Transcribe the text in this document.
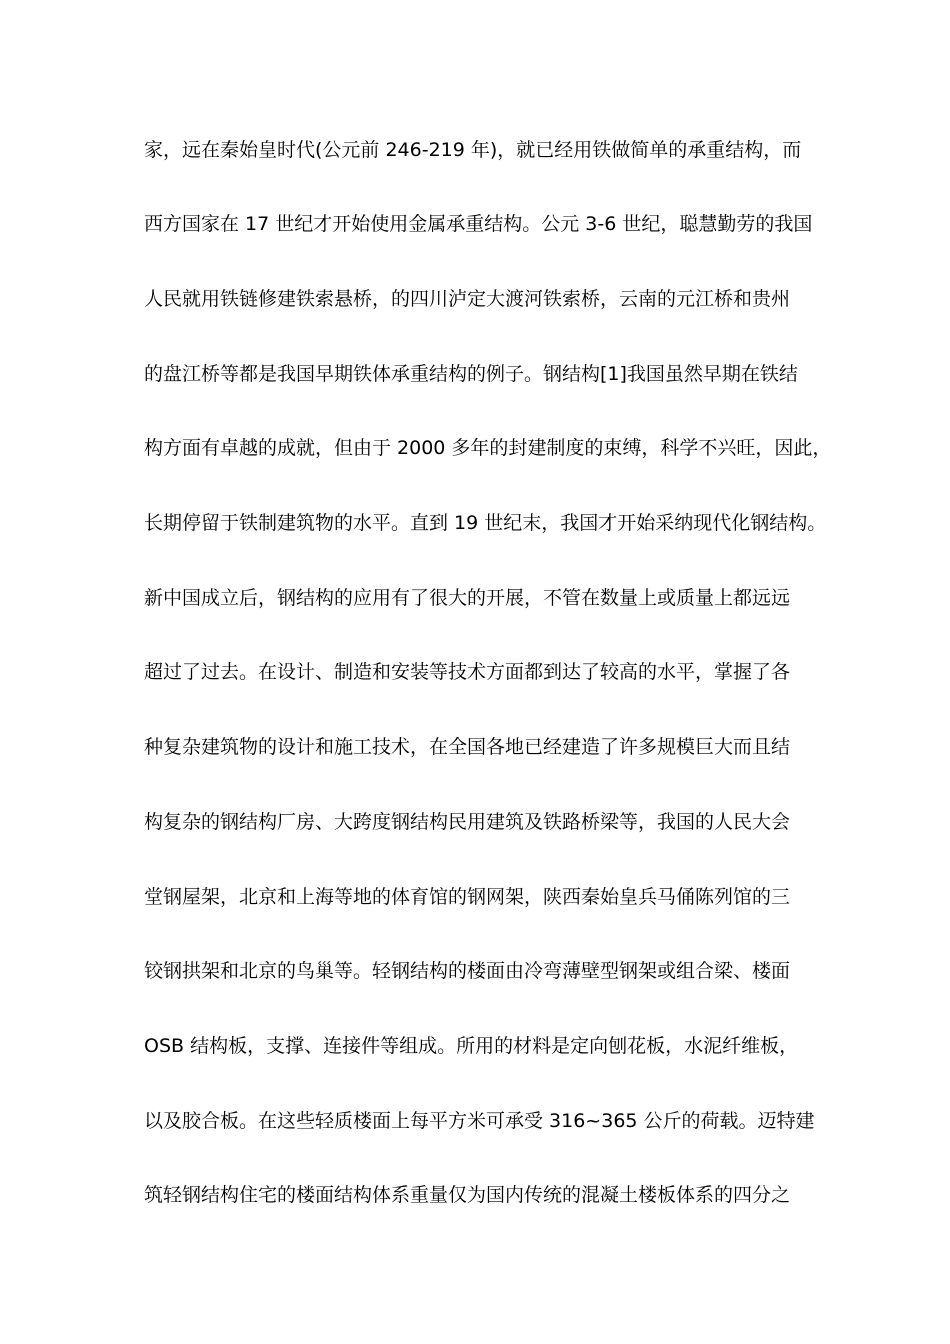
家，远在秦始皇时代(公元前 246-219 年)，就已经用铁做简单的承重结构，而
西方国家在 17 世纪才开始使用金属承重结构。公元 3-6 世纪，聪慧勤劳的我国
人民就用铁链修建铁索悬桥，的四川泸定大渡河铁索桥，云南的元江桥和贵州
的盘江桥等都是我国早期铁体承重结构的例子。钢结构[1]我国虽然早期在铁结
构方面有卓越的成就，但由于 2000 多年的封建制度的束缚，科学不兴旺，因此，
长期停留于铁制建筑物的水平。直到 19 世纪末，我国才开始采纳现代化钢结构。
新中国成立后，钢结构的应用有了很大的开展，不管在数量上或质量上都远远
超过了过去。在设计、制造和安装等技术方面都到达了较高的水平，掌握了各
种复杂建筑物的设计和施工技术，在全国各地已经建造了许多规模巨大而且结
构复杂的钢结构厂房、大跨度钢结构民用建筑及铁路桥梁等，我国的人民大会
堂钢屋架，北京和上海等地的体育馆的钢网架，陕西秦始皇兵马俑陈列馆的三
铰钢拱架和北京的鸟巢等。轻钢结构的楼面由冷弯薄壁型钢架或组合梁、楼面
OSB 结构板，支撑、连接件等组成。所用的材料是定向刨花板，水泥纤维板，
以及胶合板。在这些轻质楼面上每平方米可承受 316~365 公斤的荷载。迈特建
筑轻钢结构住宅的楼面结构体系重量仅为国内传统的混凝土楼板体系的四分之
